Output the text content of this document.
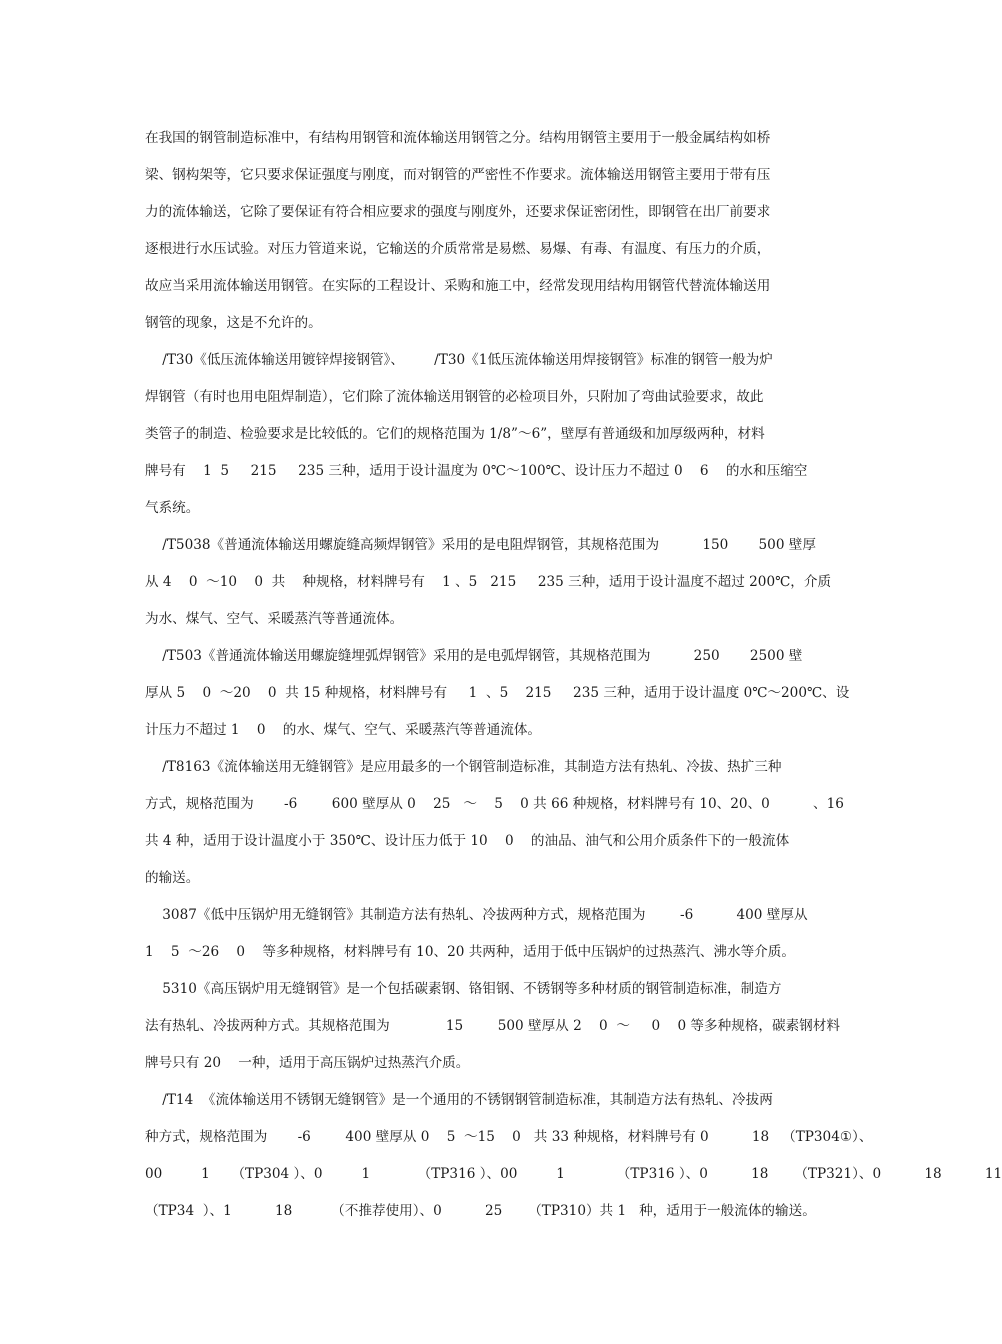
在我国的钢管制造标准中，有结构用钢管和流体输送用钢管之分。结构用钢管主要用于一般金属结构如桥
梁、钢构架等，它只要求保证强度与刚度，而对钢管的严密性不作要求。流体输送用钢管主要用于带有压
力的流体输送，它除了要保证有符合相应要求的强度与刚度外，还要求保证密闭性，即钢管在出厂前要求
逐根进行水压试验。对压力管道来说，它输送的介质常常是易燃、易爆、有毒、有温度、有压力的介质，
故应当采用流体输送用钢管。在实际的工程设计、采购和施工中，经常发现用结构用钢管代替流体输送用
钢管的现象，这是不允许的。
/T30《低压流体输送用镀锌焊接钢管》、       /T30《1低压流体输送用焊接钢管》标准的钢管一般为炉
焊钢管（有时也用电阻焊制造），它们除了流体输送用钢管的必检项目外，只附加了弯曲试验要求，故此
类管子的制造、检验要求是比较低的。它们的规格范围为 1/8”～6”，壁厚有普通级和加厚级两种，材料
牌号有    1  5     215     235 三种，适用于设计温度为 0℃～100℃、设计压力不超过 0    6    的水和压缩空
气系统。
/T5038《普通流体输送用螺旋缝高频焊钢管》采用的是电阻焊钢管，其规格范围为          150       500 壁厚
从 4    0  ～10    0  共    种规格，材料牌号有    1 、5   215     235 三种，适用于设计温度不超过 200℃，介质
为水、煤气、空气、采暖蒸汽等普通流体。
/T503《普通流体输送用螺旋缝埋弧焊钢管》采用的是电弧焊钢管，其规格范围为          250       2500 壁
厚从 5    0  ～20    0  共 15 种规格，材料牌号有     1  、5    215     235 三种，适用于设计温度 0℃～200℃、设
计压力不超过 1    0    的水、煤气、空气、采暖蒸汽等普通流体。
/T8163《流体输送用无缝钢管》是应用最多的一个钢管制造标准，其制造方法有热轧、冷拔、热扩三种
方式，规格范围为       -6        600 壁厚从 0    25   ～    5    0 共 66 种规格，材料牌号有 10、20、0          、16
共 4 种，适用于设计温度小于 350℃、设计压力低于 10    0    的油品、油气和公用介质条件下的一般流体
的输送。
3087《低中压锅炉用无缝钢管》其制造方法有热轧、冷拔两种方式，规格范围为        -6          400 壁厚从
1    5  ～26    0    等多种规格，材料牌号有 10、20 共两种，适用于低中压锅炉的过热蒸汽、沸水等介质。
5310《高压锅炉用无缝钢管》是一个包括碳素钢、铬钼钢、不锈钢等多种材质的钢管制造标准，制造方
法有热轧、冷拔两种方式。其规格范围为             15        500 壁厚从 2    0  ～     0    0 等多种规格，碳素钢材料
牌号只有 20    一种，适用于高压锅炉过热蒸汽介质。
/T14  《流体输送用不锈钢无缝钢管》是一个通用的不锈钢钢管制造标准，其制造方法有热轧、冷拔两
种方式，规格范围为       -6        400 壁厚从 0    5  ～15    0   共 33 种规格，材料牌号有 0          18   （TP304①）、
00         1     （TP304 ）、0         1           （TP316 ）、00         1            （TP316 ）、0          18      （TP321）、0          18          11
（TP34  ）、1          18         （不推荐使用）、0          25      （TP310）共 1   种，适用于一般流体的输送。
